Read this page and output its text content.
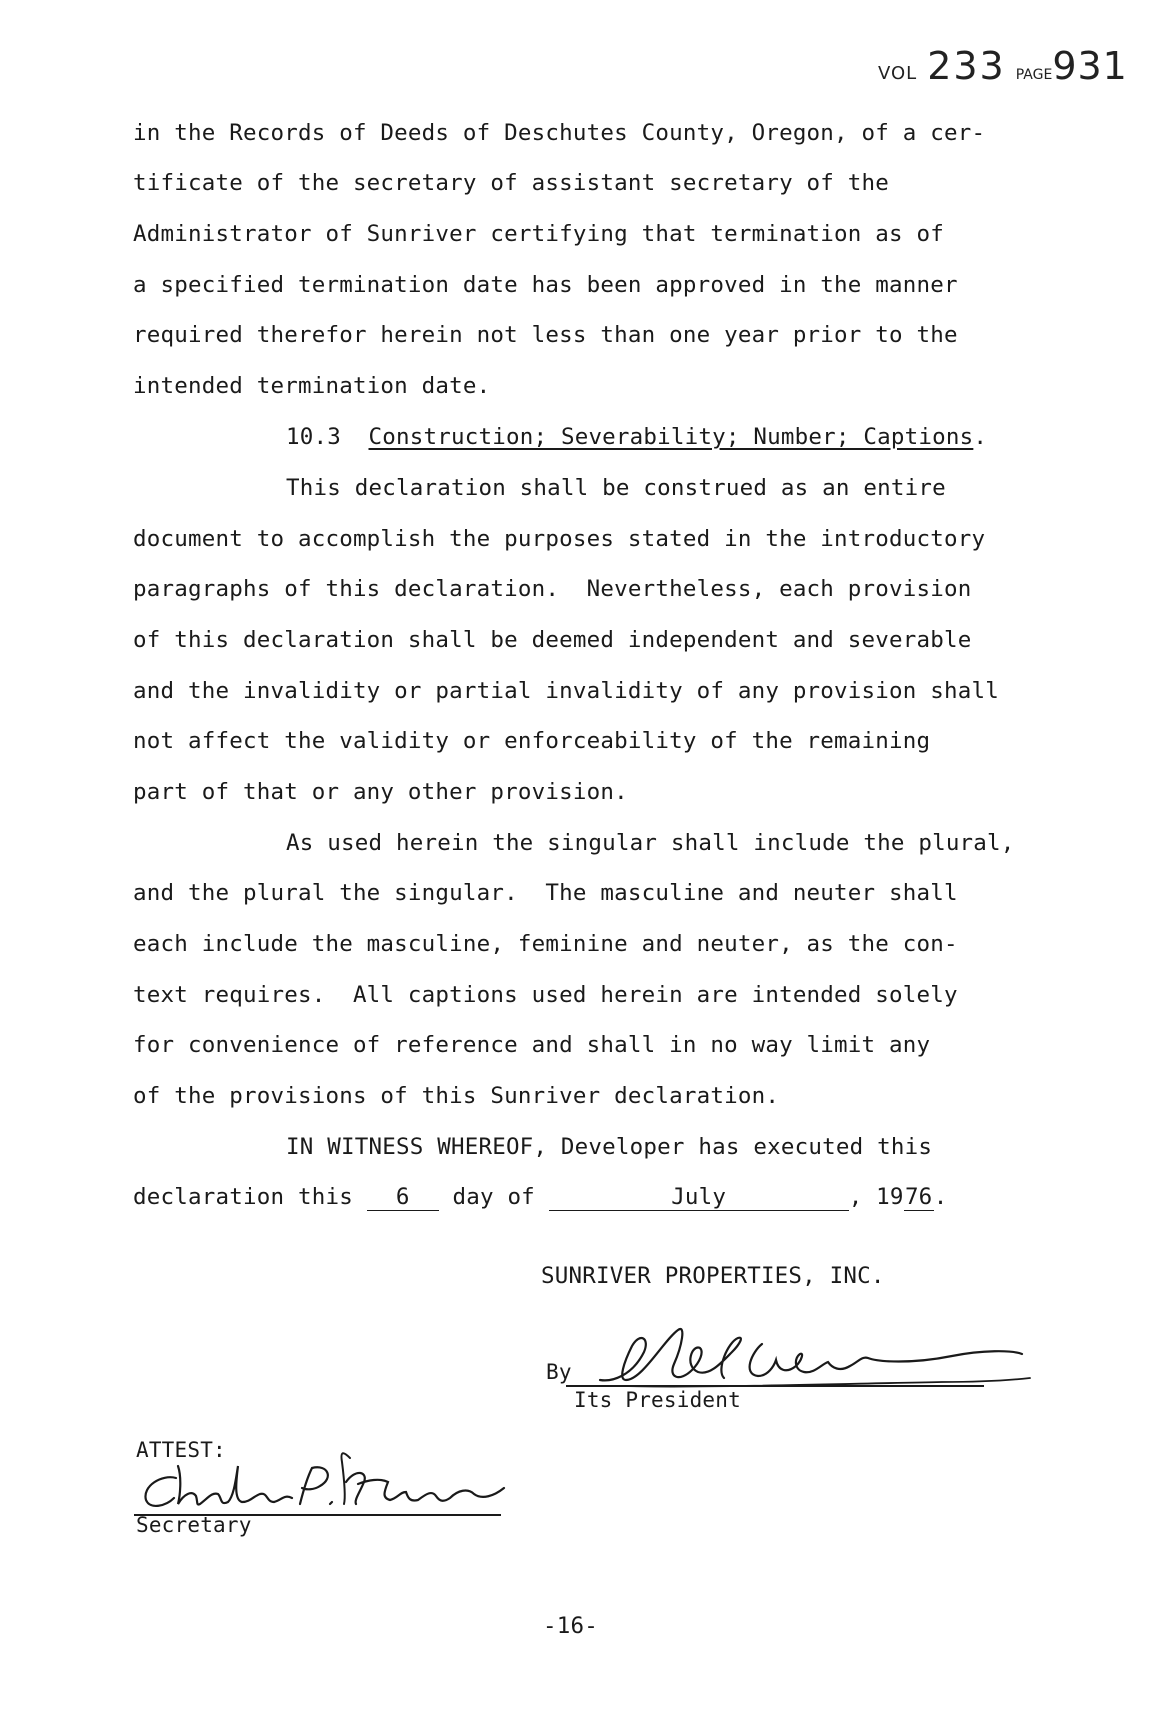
VOL 233 PAGE931
in the Records of Deeds of Deschutes County, Oregon, of a cer-
tificate of the secretary of assistant secretary of the
Administrator of Sunriver certifying that termination as of
a specified termination date has been approved in the manner
required therefor herein not less than one year prior to the
intended termination date.
10.3 Construction; Severability; Number; Captions.
This declaration shall be construed as an entire
document to accomplish the purposes stated in the introductory
paragraphs of this declaration.  Nevertheless, each provision
of this declaration shall be deemed independent and severable
and the invalidity or partial invalidity of any provision shall
not affect the validity or enforceability of the remaining
part of that or any other provision.
As used herein the singular shall include the plural,
and the plural the singular.  The masculine and neuter shall
each include the masculine, feminine and neuter, as the con-
text requires.  All captions used herein are intended solely
for convenience of reference and shall in no way limit any
of the provisions of this Sunriver declaration.
IN WITNESS WHEREOF, Developer has executed this
declaration this 6 day of	July	, 1976.
SUNRIVER PROPERTIES, INC.
By
Its President
ATTEST:
Secretary
-16-
